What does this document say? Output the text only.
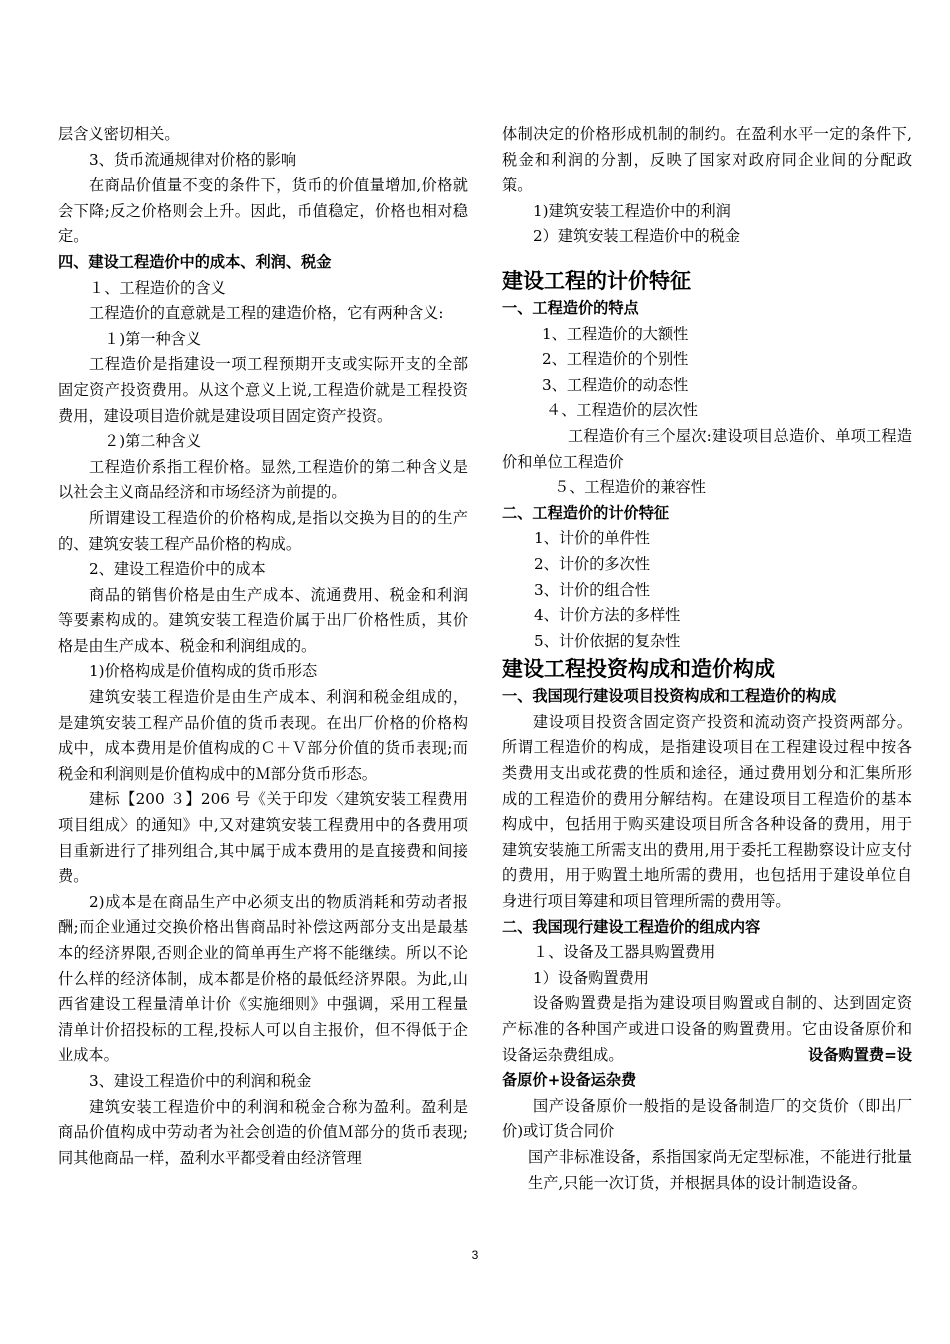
层含义密切相关。

3、货币流通规律对价格的影响

在商品价值量不变的条件下，货币的价值量增加,价格就会下降;反之价格则会上升。因此，币值稳定，价格也相对稳定。

四、建设工程造价中的成本、利润、税金

１、工程造价的含义

工程造价的直意就是工程的建造价格，它有两种含义:

１)第一种含义

工程造价是指建设一项工程预期开支或实际开支的全部固定资产投资费用。从这个意义上说,工程造价就是工程投资费用，建设项目造价就是建设项目固定资产投资。

２)第二种含义

工程造价系指工程价格。显然,工程造价的第二种含义是以社会主义商品经济和市场经济为前提的。

所谓建设工程造价的价格构成,是指以交换为目的的生产的、建筑安装工程产品价格的构成。

2、建设工程造价中的成本

商品的销售价格是由生产成本、流通费用、税金和利润等要素构成的。建筑安装工程造价属于出厂价格性质，其价格是由生产成本、税金和利润组成的。

1)价格构成是价值构成的货币形态

建筑安装工程造价是由生产成本、利润和税金组成的，是建筑安装工程产品价值的货币表现。在出厂价格的价格构成中，成本费用是价值构成的Ｃ＋Ｖ部分价值的货币表现;而税金和利润则是价值构成中的Ｍ部分货币形态。

建标【200 ３】206 号《关于印发〈建筑安装工程费用项目组成〉的通知》中,又对建筑安装工程费用中的各费用项目重新进行了排列组合,其中属于成本费用的是直接费和间接费。

2)成本是在商品生产中必须支出的物质消耗和劳动者报酬;而企业通过交换价格出售商品时补偿这两部分支出是最基本的经济界限,否则企业的简单再生产将不能继续。所以不论什么样的经济体制，成本都是价格的最低经济界限。为此,山西省建设工程量清单计价《实施细则》中强调，采用工程量清单计价招投标的工程,投标人可以自主报价，但不得低于企业成本。

3、建设工程造价中的利润和税金

建筑安装工程造价中的利润和税金合称为盈利。盈利是商品价值构成中劳动者为社会创造的价值Ｍ部分的货币表现;同其他商品一样，盈利水平都受着由经济管理

体制决定的价格形成机制的制约。在盈利水平一定的条件下,税金和利润的分割，反映了国家对政府同企业间的分配政策。

1)建筑安装工程造价中的利润

2）建筑安装工程造价中的税金

建设工程的计价特征

一、工程造价的特点

1、工程造价的大额性

2、工程造价的个别性

3、工程造价的动态性

４、工程造价的层次性

工程造价有三个屋次:建设项目总造价、单项工程造价和单位工程造价

５、工程造价的兼容性

二、工程造价的计价特征

1、计价的单件性

2、计价的多次性

3、计价的组合性

4、计价方法的多样性

5、计价依据的复杂性

建设工程投资构成和造价构成

一、我国现行建设项目投资构成和工程造价的构成

建设项目投资含固定资产投资和流动资产投资两部分。所谓工程造价的构成，是指建设项目在工程建设过程中按各类费用支出或花费的性质和途径，通过费用划分和汇集所形成的工程造价的费用分解结构。在建设项目工程造价的基本构成中，包括用于购买建设项目所含各种设备的费用，用于建筑安装施工所需支出的费用,用于委托工程勘察设计应支付的费用，用于购置土地所需的费用，也包括用于建设单位自身进行项目筹建和项目管理所需的费用等。

二、我国现行建设工程造价的组成内容

１、设备及工器具购置费用

1）设备购置费用

设备购置费是指为建设项目购置或自制的、达到固定资产标准的各种国产或进口设备的购置费用。它由设备原价和设备运杂费组成。	设备购置费=设

备原价+设备运杂费

国产设备原价一般指的是设备制造厂的交货价（即出厂价)或订货合同价

国产非标准设备，系指国家尚无定型标准，不能进行批量生产,只能一次订货，并根据具体的设计制造设备。

3
